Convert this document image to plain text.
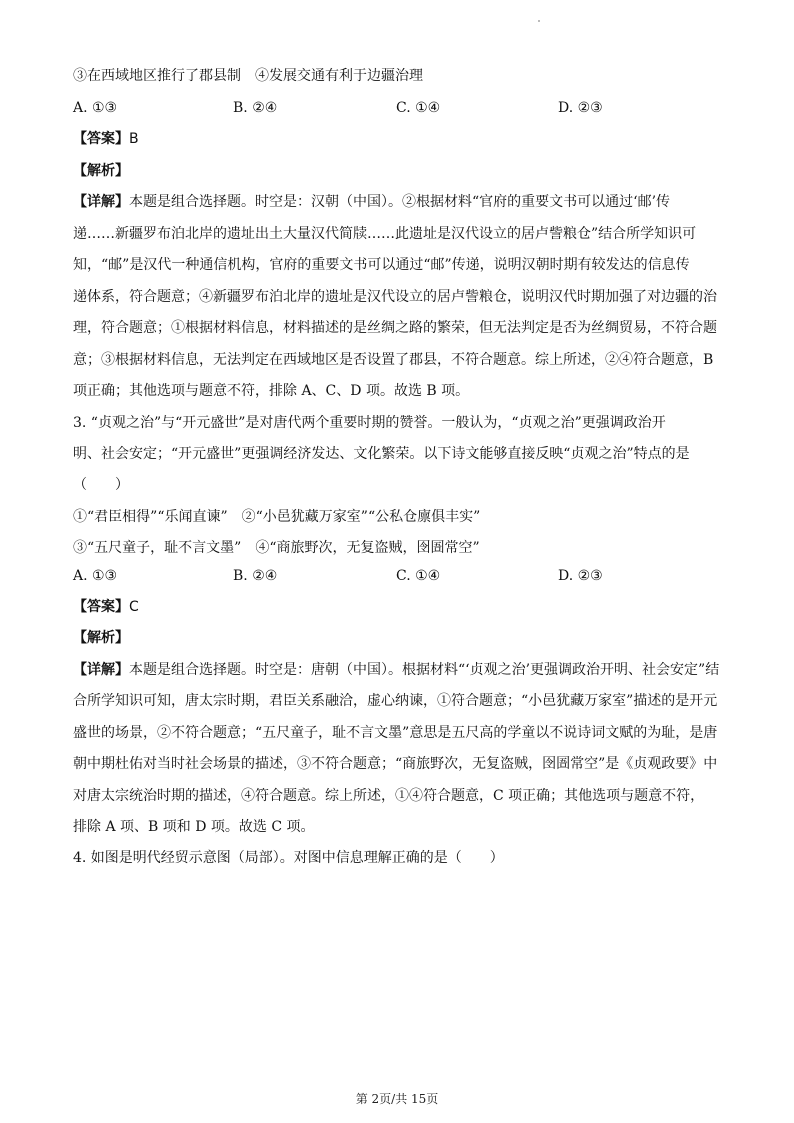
③在西域地区推行了郡县制　④发展交通有利于边疆治理
A. ①③	B. ②④	C. ①④	D. ②③
【答案】B
【解析】
【详解】本题是组合选择题。时空是：汉朝（中国）。②根据材料“官府的重要文书可以通过‘邮’传
递……新疆罗布泊北岸的遗址出土大量汉代简牍……此遗址是汉代设立的居卢訾粮仓”结合所学知识可
知，“邮”是汉代一种通信机构，官府的重要文书可以通过“邮”传递，说明汉朝时期有较发达的信息传
递体系，符合题意；④新疆罗布泊北岸的遗址是汉代设立的居卢訾粮仓，说明汉代时期加强了对边疆的治
理，符合题意；①根据材料信息，材料描述的是丝绸之路的繁荣，但无法判定是否为丝绸贸易，不符合题
意；③根据材料信息，无法判定在西域地区是否设置了郡县，不符合题意。综上所述，②④符合题意，B
项正确；其他选项与题意不符，排除 A、C、D 项。故选 B 项。
3. “贞观之治”与“开元盛世”是对唐代两个重要时期的赞誉。一般认为，“贞观之治”更强调政治开
明、社会安定；“开元盛世”更强调经济发达、文化繁荣。以下诗文能够直接反映“贞观之治”特点的是
（　　）
①“君臣相得”“乐闻直谏”　②“小邑犹藏万家室”“公私仓廪俱丰实”
③“五尺童子，耻不言文墨”　④“商旅野次，无复盗贼，囹圄常空”
A. ①③	B. ②④	C. ①④	D. ②③
【答案】C
【解析】
【详解】本题是组合选择题。时空是：唐朝（中国）。根据材料“‘贞观之治’更强调政治开明、社会安定”结
合所学知识可知，唐太宗时期，君臣关系融洽，虚心纳谏，①符合题意；“小邑犹藏万家室”描述的是开元
盛世的场景，②不符合题意；“五尺童子，耻不言文墨”意思是五尺高的学童以不说诗词文赋的为耻，是唐
朝中期杜佑对当时社会场景的描述，③不符合题意；“商旅野次，无复盗贼，囹圄常空”是《贞观政要》中
对唐太宗统治时期的描述，④符合题意。综上所述，①④符合题意，C 项正确；其他选项与题意不符，
排除 A 项、B 项和 D 项。故选 C 项。
4. 如图是明代经贸示意图（局部）。对图中信息理解正确的是（　　）
第 2页/共 15页
